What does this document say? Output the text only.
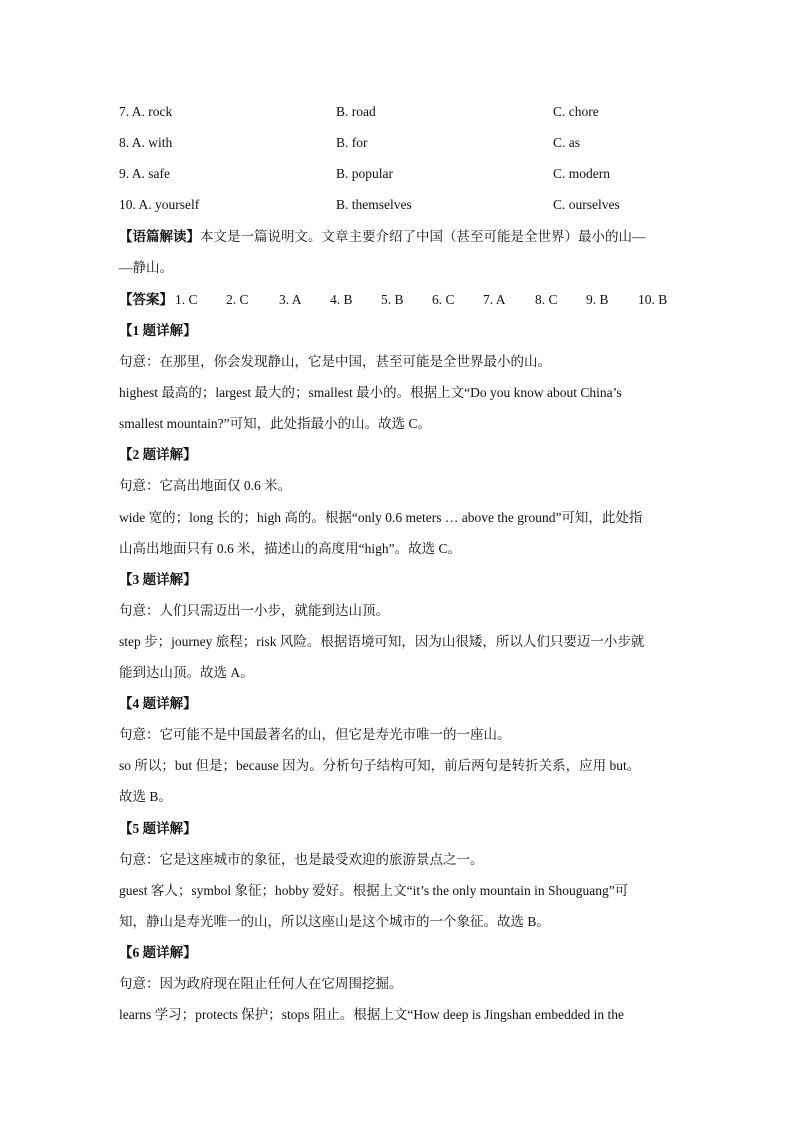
7. A. rock	B. road	C. chore
8. A. with	B. for	C. as
9. A. safe	B. popular	C. modern
10. A. yourself	B. themselves	C. ourselves
【语篇解读】本文是一篇说明文。文章主要介绍了中国（甚至可能是全世界）最小的山—
—静山。
【答案】 1. C 2. C 3. A 4. B 5. B 6. C 7. A 8. C 9. B 10. B
【1 题详解】
句意：在那里，你会发现静山，它是中国，甚至可能是全世界最小的山。
highest 最高的；largest 最大的；smallest 最小的。根据上文“Do you know about China’s
smallest mountain?”可知，此处指最小的山。故选 C。
【2 题详解】
句意：它高出地面仅 0.6 米。
wide 宽的；long 长的；high 高的。根据“only 0.6 meters … above the ground”可知，此处指
山高出地面只有 0.6 米，描述山的高度用“high”。故选 C。
【3 题详解】
句意：人们只需迈出一小步，就能到达山顶。
step 步；journey 旅程；risk 风险。根据语境可知，因为山很矮，所以人们只要迈一小步就
能到达山顶。故选 A。
【4 题详解】
句意：它可能不是中国最著名的山，但它是寿光市唯一的一座山。
so 所以；but 但是；because 因为。分析句子结构可知，前后两句是转折关系，应用 but。
故选 B。
【5 题详解】
句意：它是这座城市的象征，也是最受欢迎的旅游景点之一。
guest 客人；symbol 象征；hobby 爱好。根据上文“it’s the only mountain in Shouguang”可
知，静山是寿光唯一的山，所以这座山是这个城市的一个象征。故选 B。
【6 题详解】
句意：因为政府现在阻止任何人在它周围挖掘。
learns 学习；protects 保护；stops 阻止。根据上文“How deep is Jingshan embedded in the
